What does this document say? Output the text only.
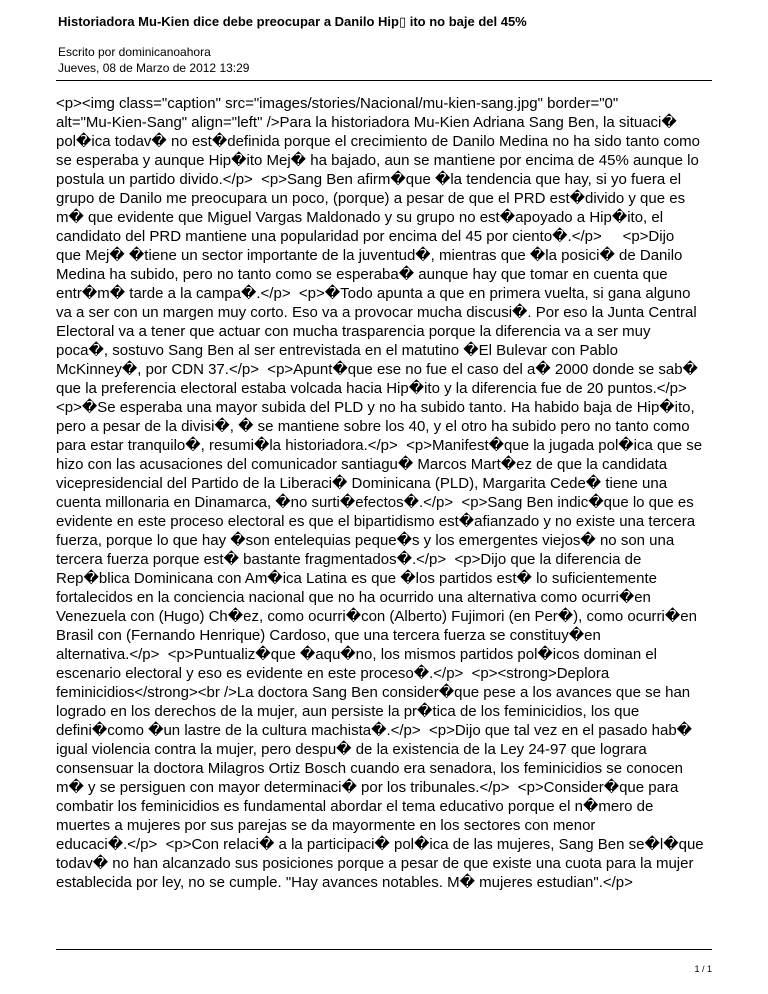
Historiadora Mu-Kien dice debe preocupar a Danilo Hip▯ ito no baje del 45%
Escrito por dominicanoahora
Jueves, 08 de Marzo de 2012 13:29
<p><img class="caption" src="images/stories/Nacional/mu-kien-sang.jpg" border="0"
alt="Mu-Kien-Sang" align="left" />Para la historiadora Mu-Kien Adriana Sang Ben, la situaci�
pol�ica todav� no est�definida porque el crecimiento de Danilo Medina no ha sido tanto como
se esperaba y aunque Hip�ito Mej� ha bajado, aun se mantiene por encima de 45% aunque lo
postula un partido divido.</p>  <p>Sang Ben afirm�que �la tendencia que hay, si yo fuera el
grupo de Danilo me preocupara un poco, (porque) a pesar de que el PRD est�divido y que es
m� que evidente que Miguel Vargas Maldonado y su grupo no est�apoyado a Hip�ito, el
candidato del PRD mantiene una popularidad por encima del 45 por ciento�.</p>     <p>Dijo
que Mej� �tiene un sector importante de la juventud�, mientras que �la posici� de Danilo
Medina ha subido, pero no tanto como se esperaba� aunque hay que tomar en cuenta que
entr�m� tarde a la campa�.</p>  <p>�Todo apunta a que en primera vuelta, si gana alguno
va a ser con un margen muy corto. Eso va a provocar mucha discusi�. Por eso la Junta Central
Electoral va a tener que actuar con mucha trasparencia porque la diferencia va a ser muy
poca�, sostuvo Sang Ben al ser entrevistada en el matutino �El Bulevar con Pablo
McKinney�, por CDN 37.</p>  <p>Apunt�que ese no fue el caso del a� 2000 donde se sab�
que la preferencia electoral estaba volcada hacia Hip�ito y la diferencia fue de 20 puntos.</p>
<p>�Se esperaba una mayor subida del PLD y no ha subido tanto. Ha habido baja de Hip�ito,
pero a pesar de la divisi�, � se mantiene sobre los 40, y el otro ha subido pero no tanto como
para estar tranquilo�, resumi�la historiadora.</p>  <p>Manifest�que la jugada pol�ica que se
hizo con las acusaciones del comunicador santiagu� Marcos Mart�ez de que la candidata
vicepresidencial del Partido de la Liberaci� Dominicana (PLD), Margarita Cede� tiene una
cuenta millonaria en Dinamarca, �no surti�efectos�.</p>  <p>Sang Ben indic�que lo que es
evidente en este proceso electoral es que el bipartidismo est�afianzado y no existe una tercera
fuerza, porque lo que hay �son entelequias peque�s y los emergentes viejos� no son una
tercera fuerza porque est� bastante fragmentados�.</p>  <p>Dijo que la diferencia de
Rep�blica Dominicana con Am�ica Latina es que �los partidos est� lo suficientemente
fortalecidos en la conciencia nacional que no ha ocurrido una alternativa como ocurri�en
Venezuela con (Hugo) Ch�ez, como ocurri�con (Alberto) Fujimori (en Per�), como ocurri�en
Brasil con (Fernando Henrique) Cardoso, que una tercera fuerza se constituy�en
alternativa.</p>  <p>Puntualiz�que �aqu�no, los mismos partidos pol�icos dominan el
escenario electoral y eso es evidente en este proceso�.</p>  <p><strong>Deplora
feminicidios</strong><br />La doctora Sang Ben consider�que pese a los avances que se han
logrado en los derechos de la mujer, aun persiste la pr�tica de los feminicidios, los que
defini�como �un lastre de la cultura machista�.</p>  <p>Dijo que tal vez en el pasado hab�
igual violencia contra la mujer, pero despu� de la existencia de la Ley 24-97 que lograra
consensuar la doctora Milagros Ortiz Bosch cuando era senadora, los feminicidios se conocen
m� y se persiguen con mayor determinaci� por los tribunales.</p>  <p>Consider�que para
combatir los feminicidios es fundamental abordar el tema educativo porque el n�mero de
muertes a mujeres por sus parejas se da mayormente en los sectores con menor
educaci�.</p>  <p>Con relaci� a la participaci� pol�ica de las mujeres, Sang Ben se�l�que
todav� no han alcanzado sus posiciones porque a pesar de que existe una cuota para la mujer
establecida por ley, no se cumple. "Hay avances notables. M� mujeres estudian".</p>
1 / 1
